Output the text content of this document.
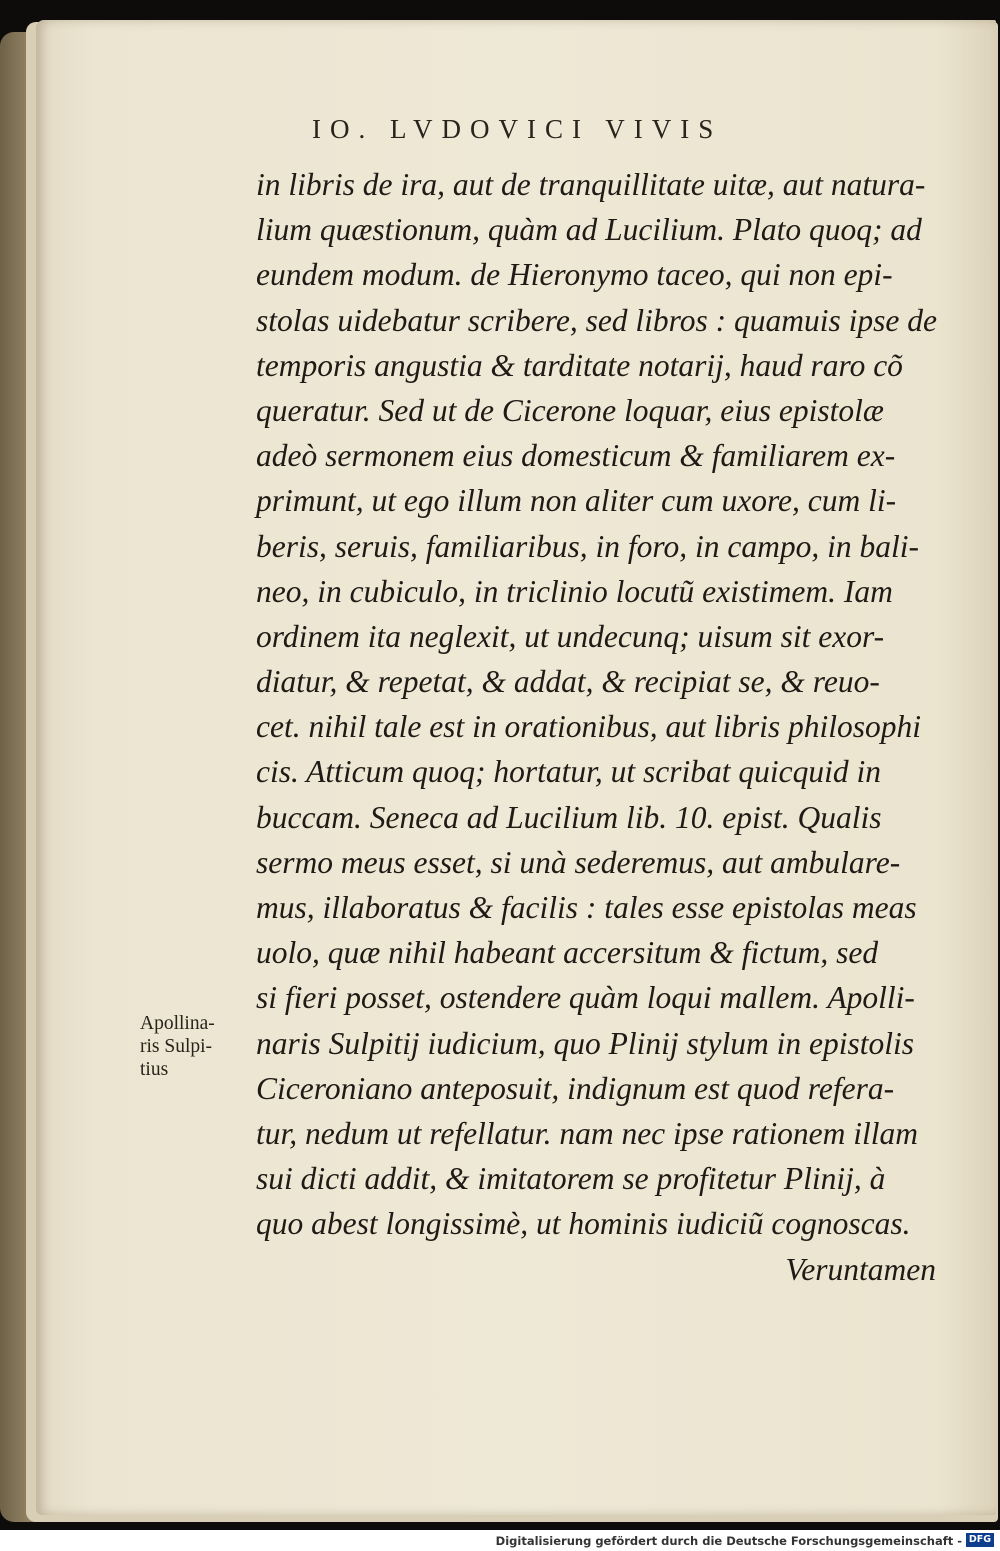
IO. LVDOVICI VIVIS
in libris de ira, aut de tranquillitate uitæ, aut natura-
lium quæstionum, quàm ad Lucilium. Plato quoq; ad
eundem modum. de Hieronymo taceo, qui non epi-
stolas uidebatur scribere, sed libros : quamuis ipse de
temporis angustia & tarditate notarij, haud raro cõ
queratur. Sed ut de Cicerone loquar, eius epistolæ
adeò sermonem eius domesticum & familiarem ex-
primunt, ut ego illum non aliter cum uxore, cum li-
beris, seruis, familiaribus, in foro, in campo, in bali-
neo, in cubiculo, in triclinio locutũ existimem. Iam
ordinem ita neglexit, ut undecunq; uisum sit exor-
diatur, & repetat, & addat, & recipiat se, & reuo-
cet. nihil tale est in orationibus, aut libris philosophi
cis. Atticum quoq; hortatur, ut scribat quicquid in
buccam. Seneca ad Lucilium lib. 10. epist. Qualis
sermo meus esset, si unà sederemus, aut ambulare-
mus, illaboratus & facilis : tales esse epistolas meas
uolo, quæ nihil habeant accersitum & fictum, sed
si fieri posset, ostendere quàm loqui mallem. Apolli-
naris Sulpitij iudicium, quo Plinij stylum in epistolis
Ciceroniano anteposuit, indignum est quod refera-
tur, nedum ut refellatur. nam nec ipse rationem illam
sui dicti addit, & imitatorem se profitetur Plinij, à
quo abest longissimè, ut hominis iudiciũ cognoscas.
Veruntamen
Apollina-
ris Sulpi-
tius
Digitalisierung gefördert durch die Deutsche Forschungsgemeinschaft - DFG
